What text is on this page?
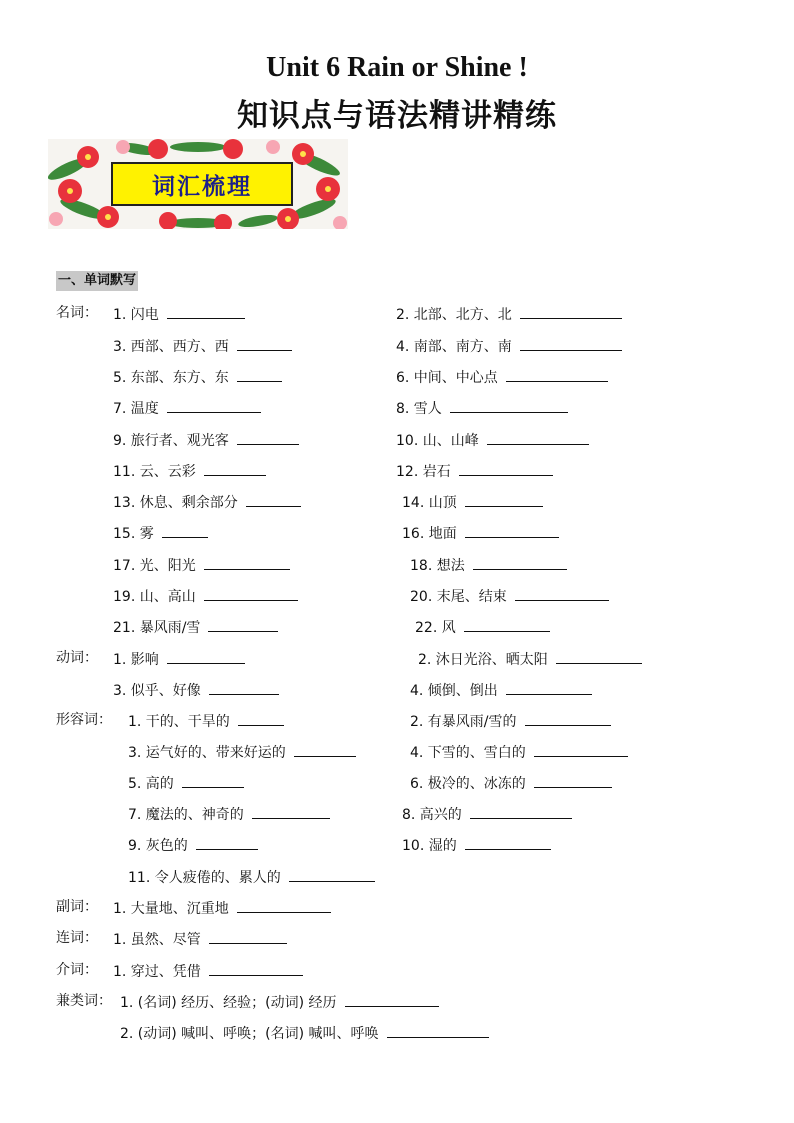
Unit 6 Rain or Shine !
知识点与语法精讲精练
词汇梳理
一、单词默写
名词： 1. 闪电	2. 北部、北方、北
3. 西部、西方、西	4. 南部、南方、南
5. 东部、东方、东	6. 中间、中心点
7. 温度	8. 雪人
9. 旅行者、观光客	10. 山、山峰
11. 云、云彩	12. 岩石
13. 休息、剩余部分	14. 山顶
15. 雾	16. 地面
17. 光、阳光	18. 想法
19. 山、高山	20. 末尾、结束
21. 暴风雨/雪	22. 风
动词： 1. 影响	2. 沐日光浴、晒太阳
3. 似乎、好像	4. 倾倒、倒出
形容词： 1. 干的、干旱的	2. 有暴风雨/雪的
3. 运气好的、带来好运的	4. 下雪的、雪白的
5. 高的	6. 极冷的、冰冻的
7. 魔法的、神奇的	8. 高兴的
9. 灰色的	10. 湿的
11. 令人疲倦的、累人的
副词： 1. 大量地、沉重地
连词： 1. 虽然、尽管
介词： 1. 穿过、凭借
兼类词： 1. (名词) 经历、经验；(动词) 经历
2. (动词) 喊叫、呼唤；(名词) 喊叫、呼唤
